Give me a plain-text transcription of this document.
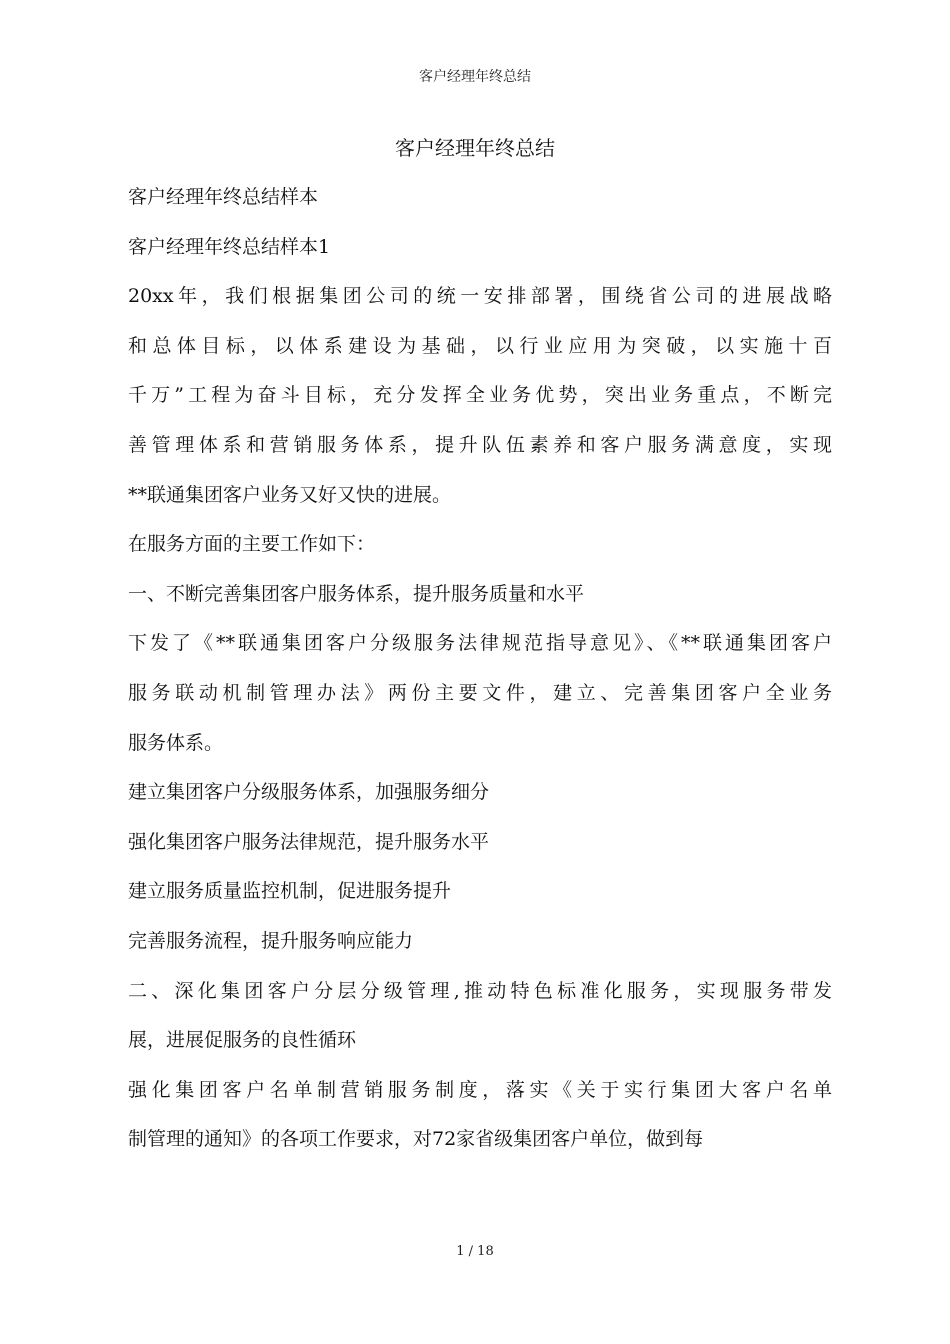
客户经理年终总结
客户经理年终总结
客户经理年终总结样本
客户经理年终总结样本1
20xx年，我们根据集团公司的统一安排部署，围绕省公司的进展战略
和总体目标，以体系建设为基础，以行业应用为突破，以实施十百
千万”工程为奋斗目标，充分发挥全业务优势，突出业务重点，不断完
善管理体系和营销服务体系，提升队伍素养和客户服务满意度，实现
**联通集团客户业务又好又快的进展。
在服务方面的主要工作如下：
一、不断完善集团客户服务体系，提升服务质量和水平
下发了《**联通集团客户分级服务法律规范指导意见》、《**联通集团客户
服务联动机制管理办法》两份主要文件，建立、完善集团客户全业务
服务体系。
建立集团客户分级服务体系，加强服务细分
强化集团客户服务法律规范，提升服务水平
建立服务质量监控机制，促进服务提升
完善服务流程，提升服务响应能力
二、深化集团客户分层分级管理,推动特色标准化服务，实现服务带发
展，进展促服务的良性循环
强化集团客户名单制营销服务制度，落实《关于实行集团大客户名单
制管理的通知》的各项工作要求，对72家省级集团客户单位，做到每
1 / 18
